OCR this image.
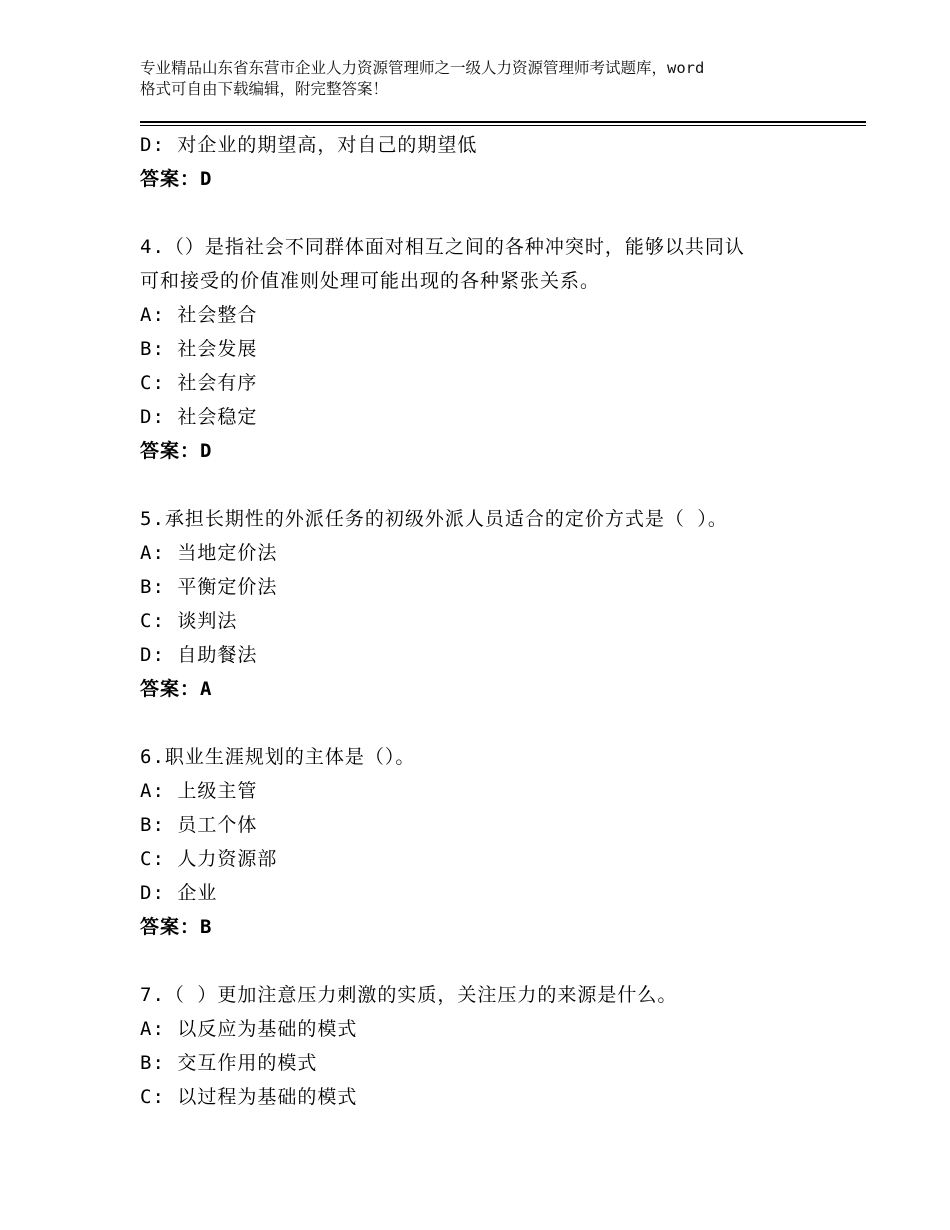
专业精品山东省东营市企业人力资源管理师之一级人力资源管理师考试题库，word
格式可自由下载编辑，附完整答案！
D: 对企业的期望高，对自己的期望低
答案：D
4.（）是指社会不同群体面对相互之间的各种冲突时，能够以共同认
可和接受的价值准则处理可能出现的各种紧张关系。
A: 社会整合
B: 社会发展
C: 社会有序
D: 社会稳定
答案：D
5.承担长期性的外派任务的初级外派人员适合的定价方式是（ ）。
A: 当地定价法
B: 平衡定价法
C: 谈判法
D: 自助餐法
答案：A
6.职业生涯规划的主体是（）。
A: 上级主管
B: 员工个体
C: 人力资源部
D: 企业
答案：B
7.（ ）更加注意压力刺激的实质，关注压力的来源是什么。
A: 以反应为基础的模式
B: 交互作用的模式
C: 以过程为基础的模式
